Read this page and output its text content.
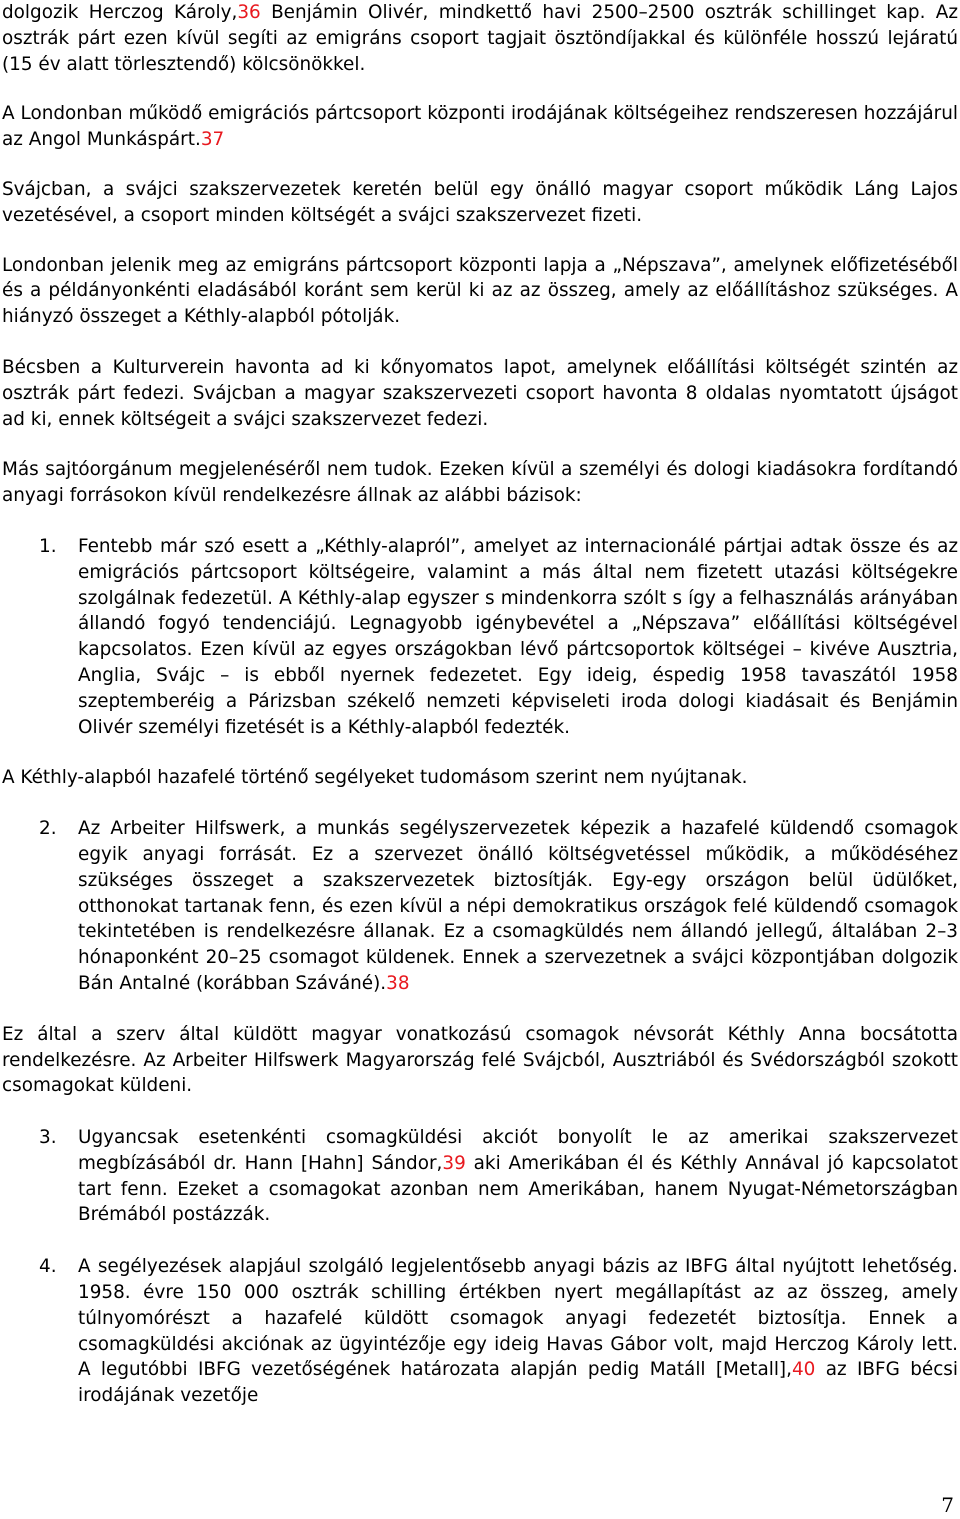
dolgozik Herczog Károly,36 Benjámin Olivér, mindkettő havi 2500–2500 osztrák schillinget kap. Az osztrák párt ezen kívül segíti az emigráns csoport tagjait ösztöndíjakkal és különféle hosszú lejáratú (15 év alatt törlesztendő) kölcsönökkel.

A Londonban működő emigrációs pártcsoport központi irodájának költségeihez rendszeresen hozzájárul az Angol Munkáspárt.37

Svájcban, a svájci szakszervezetek keretén belül egy önálló magyar csoport működik Láng Lajos vezetésével, a csoport minden költségét a svájci szakszervezet fizeti.

Londonban jelenik meg az emigráns pártcsoport központi lapja a „Népszava”, amelynek előfizetéséből és a példányonkénti eladásából koránt sem kerül ki az az összeg, amely az előállításhoz szükséges. A hiányzó összeget a Kéthly-alapból pótolják.

Bécsben a Kulturverein havonta ad ki kőnyomatos lapot, amelynek előállítási költségét szintén az osztrák párt fedezi. Svájcban a magyar szakszervezeti csoport havonta 8 oldalas nyomtatott újságot ad ki, ennek költségeit a svájci szakszervezet fedezi.

Más sajtóorgánum megjelenéséről nem tudok. Ezeken kívül a személyi és dologi kiadásokra fordítandó anyagi forrásokon kívül rendelkezésre állnak az alábbi bázisok:

1. Fentebb már szó esett a „Kéthly-alapról”, amelyet az internacionálé pártjai adtak össze és az emigrációs pártcsoport költségeire, valamint a más által nem fizetett utazási költségekre szolgálnak fedezetül. A Kéthly-alap egyszer s mindenkorra szólt s így a felhasználás arányában állandó fogyó tendenciájú. Legnagyobb igénybevétel a „Népszava” előállítási költségével kapcsolatos. Ezen kívül az egyes országokban lévő pártcsoportok költségei – kivéve Ausztria, Anglia, Svájc – is ebből nyernek fedezetet. Egy ideig, éspedig 1958 tavaszától 1958 szeptemberéig a Párizsban székelő nemzeti képviseleti iroda dologi kiadásait és Benjámin Olivér személyi fizetését is a Kéthly-alapból fedezték.

A Kéthly-alapból hazafelé történő segélyeket tudomásom szerint nem nyújtanak.

2. Az Arbeiter Hilfswerk, a munkás segélyszervezetek képezik a hazafelé küldendő csomagok egyik anyagi forrását. Ez a szervezet önálló költségvetéssel működik, a működéséhez szükséges összeget a szakszervezetek biztosítják. Egy-egy országon belül üdülőket, otthonokat tartanak fenn, és ezen kívül a népi demokratikus országok felé küldendő csomagok tekintetében is rendelkezésre állanak. Ez a csomagküldés nem állandó jellegű, általában 2–3 hónaponként 20–25 csomagot küldenek. Ennek a szervezetnek a svájci központjában dolgozik Bán Antalné (korábban Száváné).38

Ez által a szerv által küldött magyar vonatkozású csomagok névsorát Kéthly Anna bocsátotta rendelkezésre. Az Arbeiter Hilfswerk Magyarország felé Svájcból, Ausztriából és Svédországból szokott csomagokat küldeni.

3. Ugyancsak esetenkénti csomagküldési akciót bonyolít le az amerikai szakszervezet megbízásából dr. Hann [Hahn] Sándor,39 aki Amerikában él és Kéthly Annával jó kapcsolatot tart fenn. Ezeket a csomagokat azonban nem Amerikában, hanem Nyugat-Németországban Brémából postázzák.
4. A segélyezések alapjául szolgáló legjelentősebb anyagi bázis az IBFG által nyújtott lehetőség. 1958. évre 150 000 osztrák schilling értékben nyert megállapítást az az összeg, amely túlnyomórészt a hazafelé küldött csomagok anyagi fedezetét biztosítja. Ennek a csomagküldési akciónak az ügyintézője egy ideig Havas Gábor volt, majd Herczog Károly lett. A legutóbbi IBFG vezetőségének határozata alapján pedig Matáll [Metall],40 az IBFG bécsi irodájának vezetője
7
